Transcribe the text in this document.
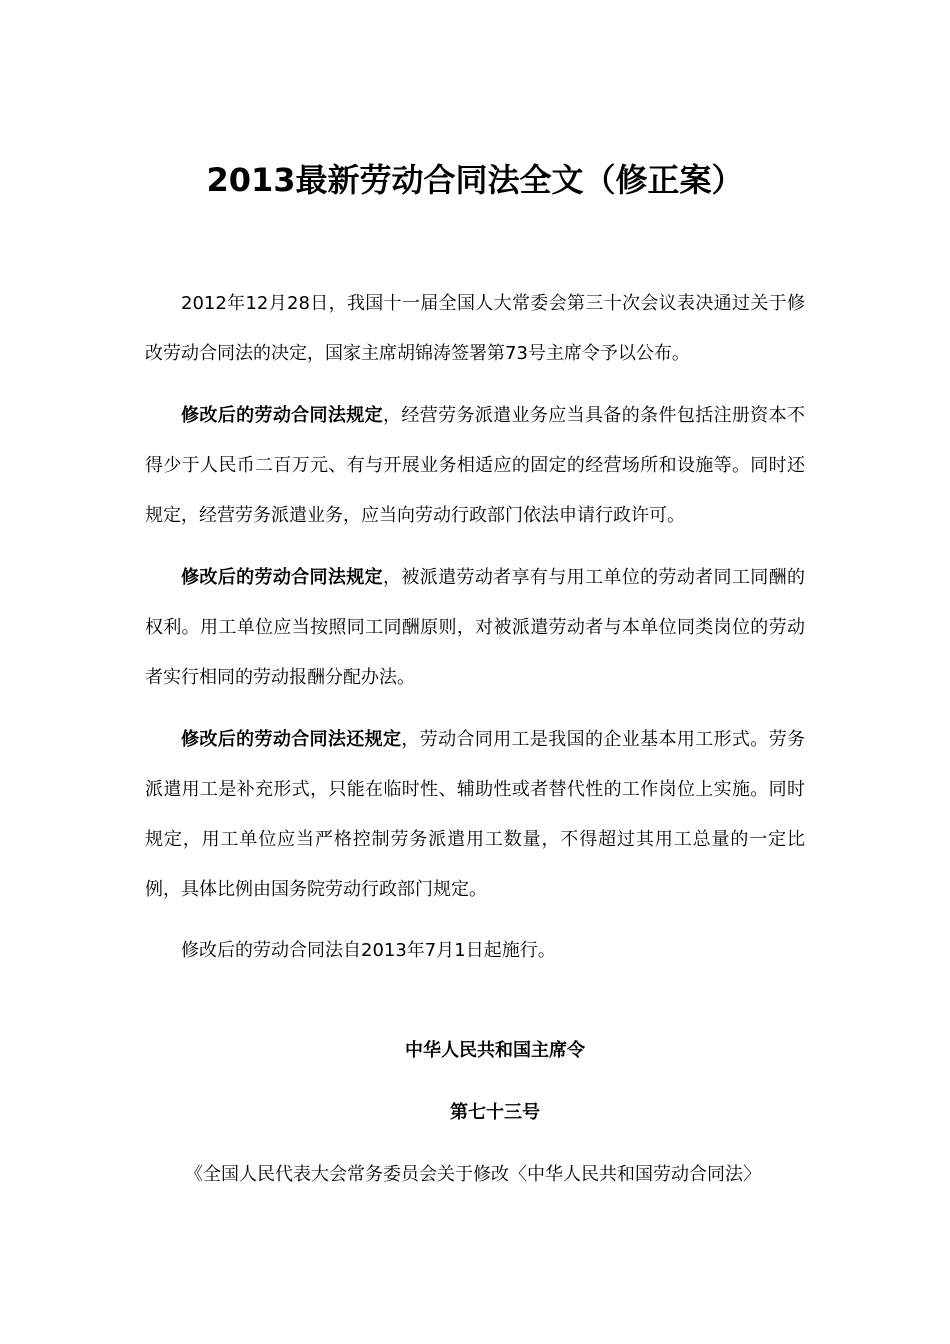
2013最新劳动合同法全文（修正案）

2012年12月28日，我国十一届全国人大常委会第三十次会议表决通过关于修改劳动合同法的决定，国家主席胡锦涛签署第73号主席令予以公布。

修改后的劳动合同法规定，经营劳务派遣业务应当具备的条件包括注册资本不得少于人民币二百万元、有与开展业务相适应的固定的经营场所和设施等。同时还规定，经营劳务派遣业务，应当向劳动行政部门依法申请行政许可。

修改后的劳动合同法规定，被派遣劳动者享有与用工单位的劳动者同工同酬的权利。用工单位应当按照同工同酬原则，对被派遣劳动者与本单位同类岗位的劳动者实行相同的劳动报酬分配办法。

修改后的劳动合同法还规定，劳动合同用工是我国的企业基本用工形式。劳务派遣用工是补充形式，只能在临时性、辅助性或者替代性的工作岗位上实施。同时规定，用工单位应当严格控制劳务派遣用工数量，不得超过其用工总量的一定比例，具体比例由国务院劳动行政部门规定。

修改后的劳动合同法自2013年7月1日起施行。

中华人民共和国主席令
第七十三号
《全国人民代表大会常务委员会关于修改〈中华人民共和国劳动合同法〉
